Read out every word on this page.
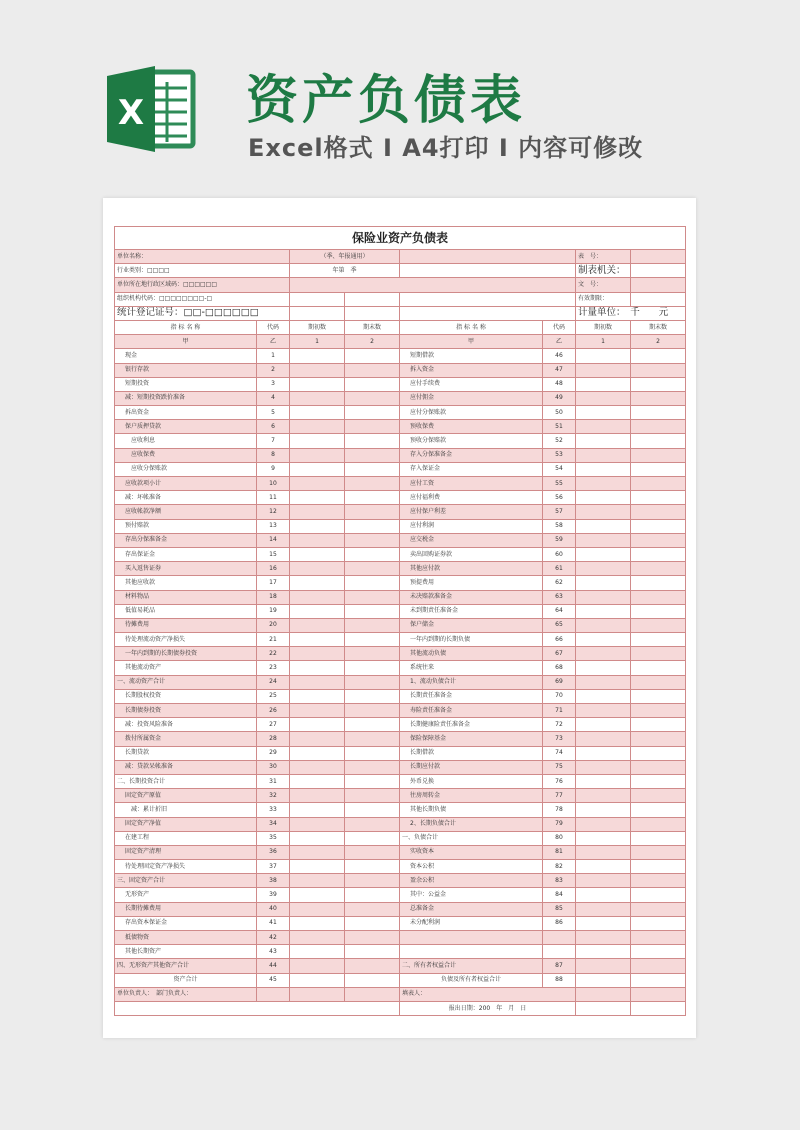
X 资产负债表
Excel格式 Ⅰ A4打印 Ⅰ 内容可修改
保险业资产负债表							
单位名称：		（季、年报通用）				表　号：	
行业类别：□□□□		年第　季				制表机关：	
单位所在地行政区域码：□□□□□□						文　号：	
组织机构代码：□□□□□□□□-□						有效期限：	
统计登记证号：□□-□□□□□□						计量单位：　千　　元	
指 标 名 称	代码	期初数	期末数	指 标 名 称	代码	期初数	期末数
甲	乙	1	2	甲	乙	1	2
现金	1			短期借款	46		
银行存款	2			拆入资金	47		
短期投资	3			应付手续费	48		
减：短期投资跌价准备	4			应付佣金	49		
拆出资金	5			应付分保账款	50		
保户质押贷款	6			预收保费	51		
应收利息	7			预收分保赔款	52		
应收保费	8			存入分保准备金	53		
应收分保账款	9			存入保证金	54		
应收款项小计	10			应付工资	55		
减：坏帐准备	11			应付福利费	56		
应收帐款净额	12			应付保户利差	57		
预付赔款	13			应付利润	58		
存出分保准备金	14			应交税金	59		
存出保证金	15			卖出回购证券款	60		
买入返售证券	16			其他应付款	61		
其他应收款	17			预提费用	62		
材料物品	18			未决赔款准备金	63		
低值易耗品	19			未到期责任准备金	64		
待摊费用	20			保户储金	65		
待处理流动资产净损失	21			一年内到期的长期负债	66		
一年内到期的长期债券投资	22			其他流动负债	67		
其他流动资产	23			系统往来	68		
一、流动资产合计	24			1、流动负债合计	69		
长期股权投资	25			长期责任准备金	70		
长期债券投资	26			寿险责任准备金	71		
减：投资风险准备	27			长期健康险责任准备金	72		
拨付所属资金	28			保险保障基金	73		
长期贷款	29			长期借款	74		
减：贷款呆帐准备	30			长期应付款	75		
二、长期投资合计	31			外币兑换	76		
固定资产原值	32			往房周转金	77		
减：累计折旧	33			其他长期负债	78		
固定资产净值	34			2、长期负债合计	79		
在建工程	35			一、负债合计	80		
固定资产清理	36			实收资本	81		
待处理固定资产净损失	37			资本公积	82		
三、固定资产合计	38			盈余公积	83		
无形资产	39			其中：公益金	84		
长期待摊费用	40			总准备金	85		
存出资本保证金	41			未分配利润	86		
抵债物资	42						
其他长期资产	43						
四、无形资产其他资产合计	44			二、所有者权益合计	87		
资产合计	45			负债及所有者权益合计	88		
单位负责人：　 部门负责人：				填表人：			
				报出日期：200　年　月　日			
